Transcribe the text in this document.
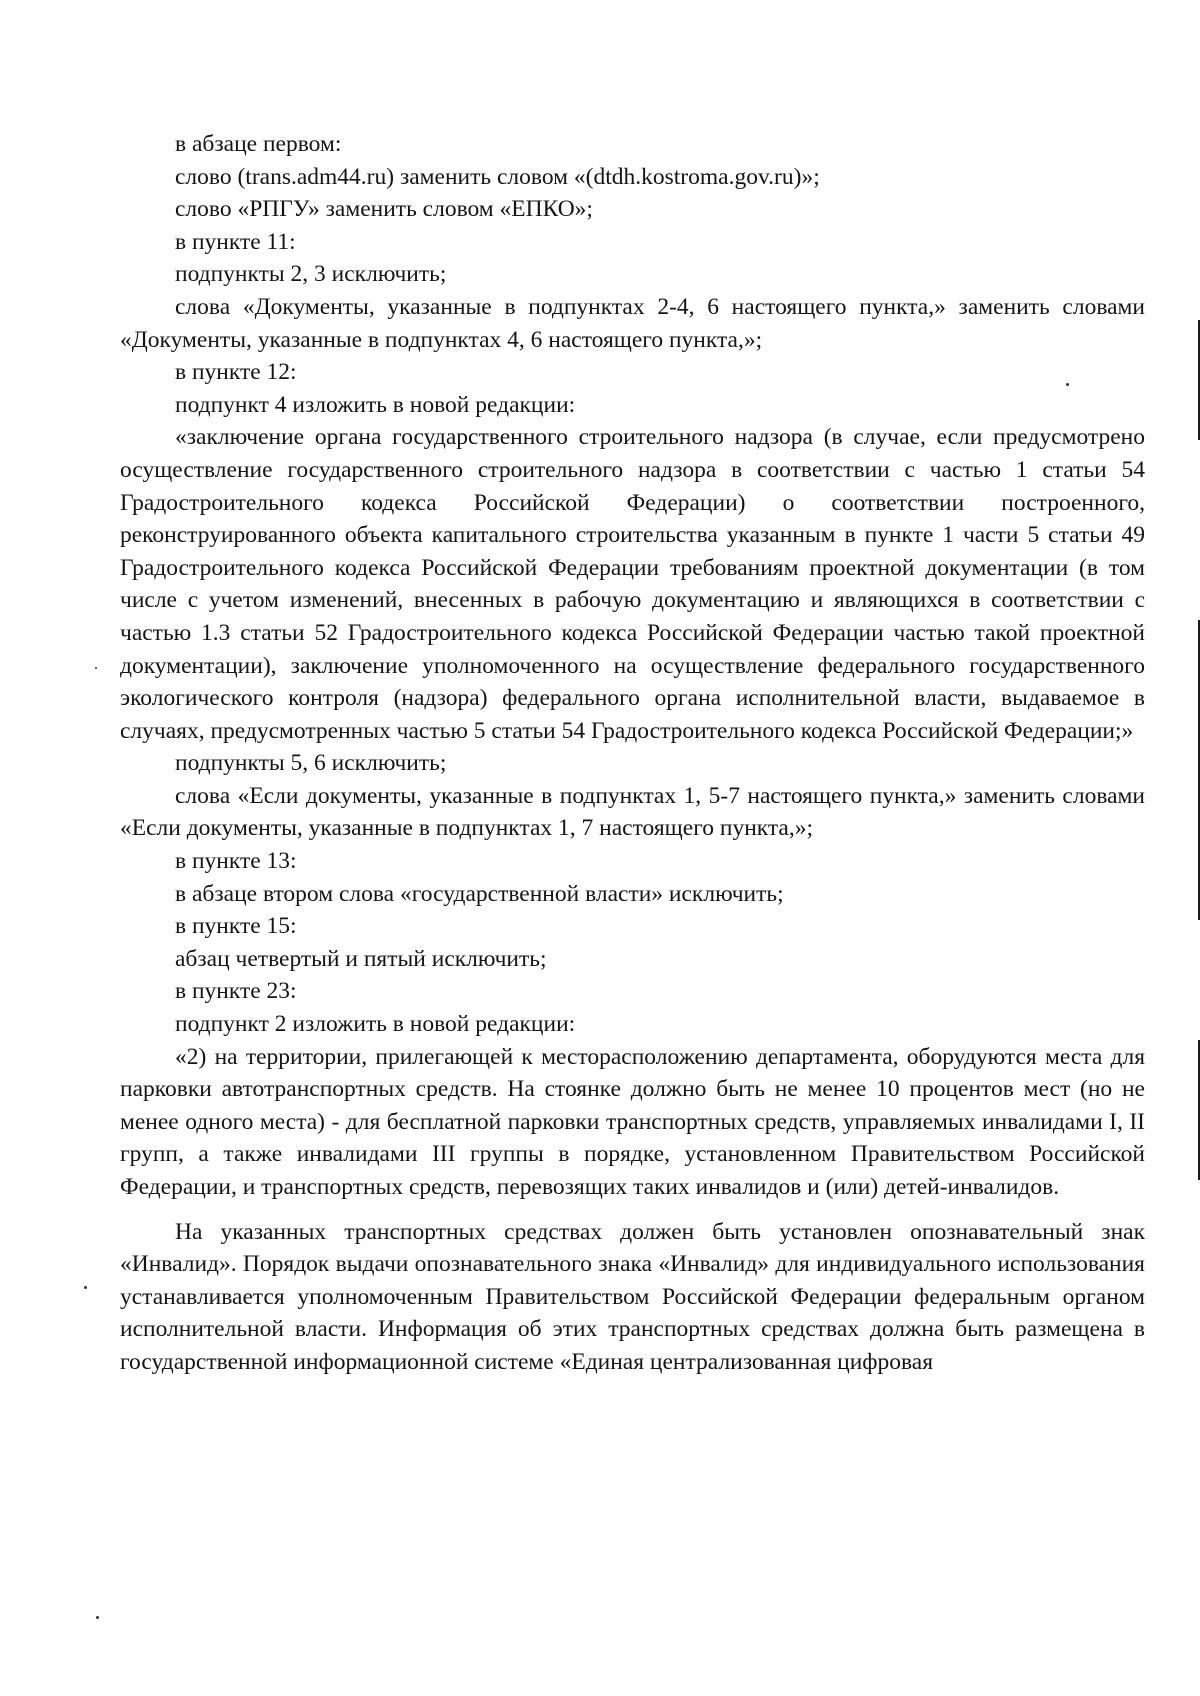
в абзаце первом:

слово (trans.adm44.ru) заменить словом «(dtdh.kostroma.gov.ru)»;

слово «РПГУ» заменить словом «ЕПКО»;

в пункте 11:

подпункты 2, 3 исключить;

слова «Документы, указанные в подпунктах 2-4, 6 настоящего пункта,» заменить словами «Документы, указанные в подпунктах 4, 6 настоящего пункта,»;

в пункте 12:

подпункт 4 изложить в новой редакции:

«заключение органа государственного строительного надзора (в случае, если предусмотрено осуществление государственного строительного надзора в соответствии с частью 1 статьи 54 Градостроительного кодекса Российской Федерации) о соответствии построенного, реконструированного объекта капитального строительства указанным в пункте 1 части 5 статьи 49 Градостроительного кодекса Российской Федерации требованиям проектной документации (в том числе с учетом изменений, внесенных в рабочую документацию и являющихся в соответствии с частью 1.3 статьи 52 Градостроительного кодекса Российской Федерации частью такой проектной документации), заключение уполномоченного на осуществление федерального государственного экологического контроля (надзора) федерального органа исполнительной власти, выдаваемое в случаях, предусмотренных частью 5 статьи 54 Градостроительного кодекса Российской Федерации;»

подпункты 5, 6 исключить;

слова «Если документы, указанные в подпунктах 1, 5-7 настоящего пункта,» заменить словами «Если документы, указанные в подпунктах 1, 7 настоящего пункта,»;

в пункте 13:

в абзаце втором слова «государственной власти» исключить;

в пункте 15:

абзац четвертый и пятый исключить;

в пункте 23:

подпункт 2 изложить в новой редакции:

«2) на территории, прилегающей к месторасположению департамента, оборудуются места для парковки автотранспортных средств. На стоянке должно быть не менее 10 процентов мест (но не менее одного места) - для бесплатной парковки транспортных средств, управляемых инвалидами I, II групп, а также инвалидами III группы в порядке, установленном Правительством Российской Федерации, и транспортных средств, перевозящих таких инвалидов и (или) детей-инвалидов.

На указанных транспортных средствах должен быть установлен опознавательный знак «Инвалид». Порядок выдачи опознавательного знака «Инвалид» для индивидуального использования устанавливается уполномоченным Правительством Российской Федерации федеральным органом исполнительной власти. Информация об этих транспортных средствах должна быть размещена в государственной информационной системе «Единая централизованная цифровая
